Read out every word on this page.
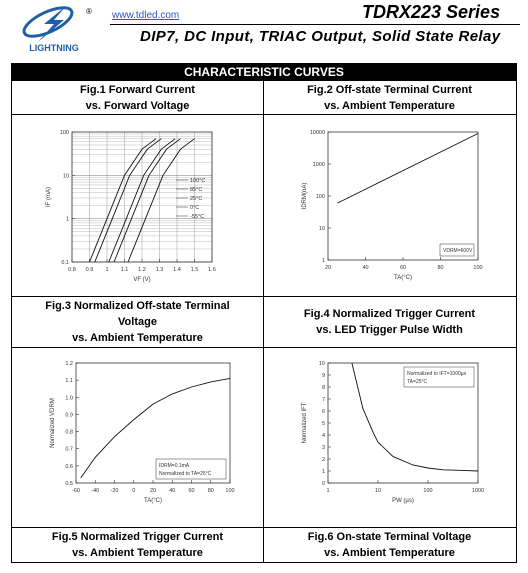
LIGHTNING
® www.tdled.com	TDRX223 Series
DIP7, DC Input, TRIAC Output, Solid State Relay
CHARACTERISTIC CURVES
Fig.1 Forward Current
vs. Forward Voltage
Fig.2 Off-state Terminal Current
vs. Ambient Temperature
Fig.3 Normalized Off-state Terminal
Voltage
vs. Ambient Temperature
Fig.4 Normalized Trigger Current
vs. LED Trigger Pulse Width
Fig.5 Normalized Trigger Current
vs. Ambient Temperature
Fig.6 On-state Terminal Voltage
vs. Ambient Temperature
0.8 0.9 1 1.1 1.2 1.3 1.4 1.5 1.6
0.1
1
10
100
VF (V)
IF (mA)
100°C
85°C
25°C
0°C
-55°C
20	40	60	80	100
1
10
100
1000
10000
TA(°C)
IDRM(nA)
VDRM=600V
-60 -40 -20 0	20 40 60 80 100
0.5
0.6
0.7
0.8
0.9
1.0
1.1
1.2
TA(°C)
Normalized VDRM
IDRM=0.1mA
Normalized to TA=25°C
1	10	100	1000
0
1
2
3
4
5
6
7
8
9
10
PW (µs)
Normalized IFT
Normalized to IFT=1000µs
TA=25°C
